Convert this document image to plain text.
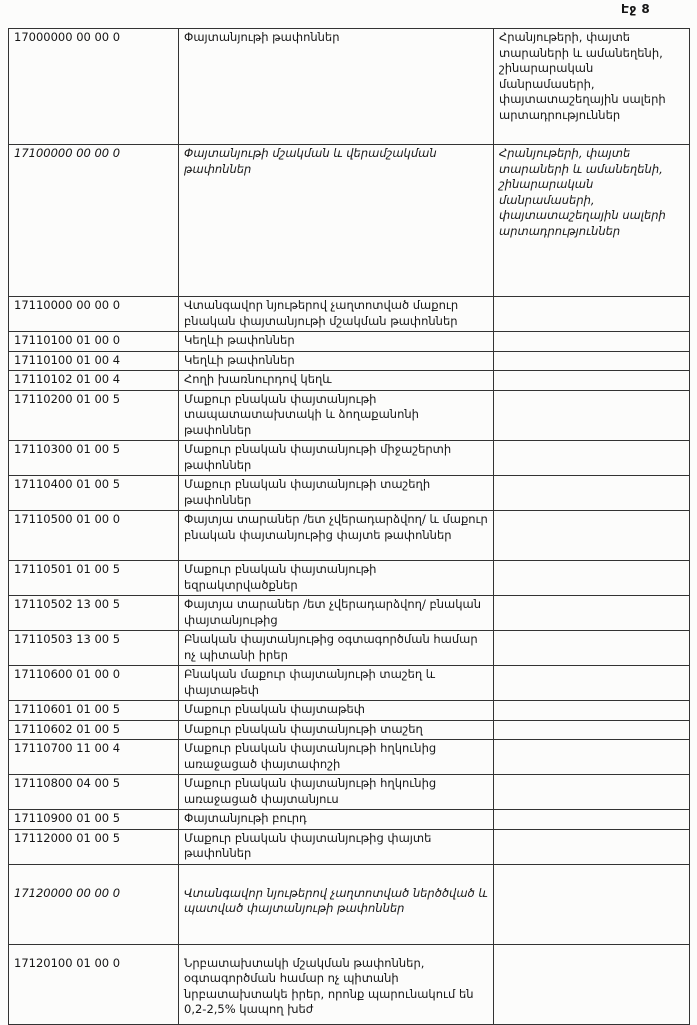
Էջ 8
17000000 00 00 0	Փայտանյութի թափոններ	Հրանյութերի, փայտե տարաների և ամանեղենի, շինարարական մանրամասերի, փայտատաշեղային սալերի արտադրություններ
17100000 00 00 0	Փայտանյութի մշակման և վերամշակման թափոններ	Հրանյութերի, փայտե տարաների և ամանեղենի, շինարարական մանրամասերի, փայտատաշեղային սալերի արտադրություններ
17110000 00 00 0	Վտանգավոր նյութերով չաղտոտված մաքուր բնական փայտանյութի մշակման թափոններ	
17110100 01 00 0	Կեղևի թափոններ	
17110100 01 00 4	Կեղևի թափոններ	
17110102 01 00 4	Հողի խառնուրդով կեղև	
17110200 01 00 5	Մաքուր բնական փայտանյութի տապատատախտակի և ձողաքանոնի թափոններ	
17110300 01 00 5	Մաքուր բնական փայտանյութի միջաշերտի թափոններ	
17110400 01 00 5	Մաքուր բնական փայտանյութի տաշեղի թափոններ	
17110500 01 00 0	Փայտյա տարաներ /ետ չվերադարձվող/ և մաքուր բնական փայտանյութից փայտե թափոններ	
17110501 01 00 5	Մաքուր բնական փայտանյութի եզրակտրվածքներ	
17110502 13 00 5	Փայտյա տարաներ /ետ չվերադարձվող/ բնական փայտանյութից	
17110503 13 00 5	Բնական փայտանյութից օգտագործման համար ոչ պիտանի իրեր	
17110600 01 00 0	Բնական մաքուր փայտանյութի տաշեղ և փայտաթեփ	
17110601 01 00 5	Մաքուր բնական փայտաթեփ	
17110602 01 00 5	Մաքուր բնական փայտանյութի տաշեղ	
17110700 11 00 4	Մաքուր բնական փայտանյութի հղկունից առաջացած փայտափոշի	
17110800 04 00 5	Մաքուր բնական փայտանյութի հղկունից առաջացած փայտանյուս	
17110900 01 00 5	Փայտանյութի բուրդ	
17112000 01 00 5	Մաքուր բնական փայտանյութից փայտե թափոններ	
17120000 00 00 0	Վտանգավոր նյութերով չաղտոտված ներծծված և պատված փայտանյութի թափոններ	
17120100 01 00 0	Նրբատախտակի մշակման թափոններ, օգտագործման համար ոչ պիտանի նրբատախտակե իրեր, որոնք պարունակում են 0,2-2,5% կապող խեժ	
